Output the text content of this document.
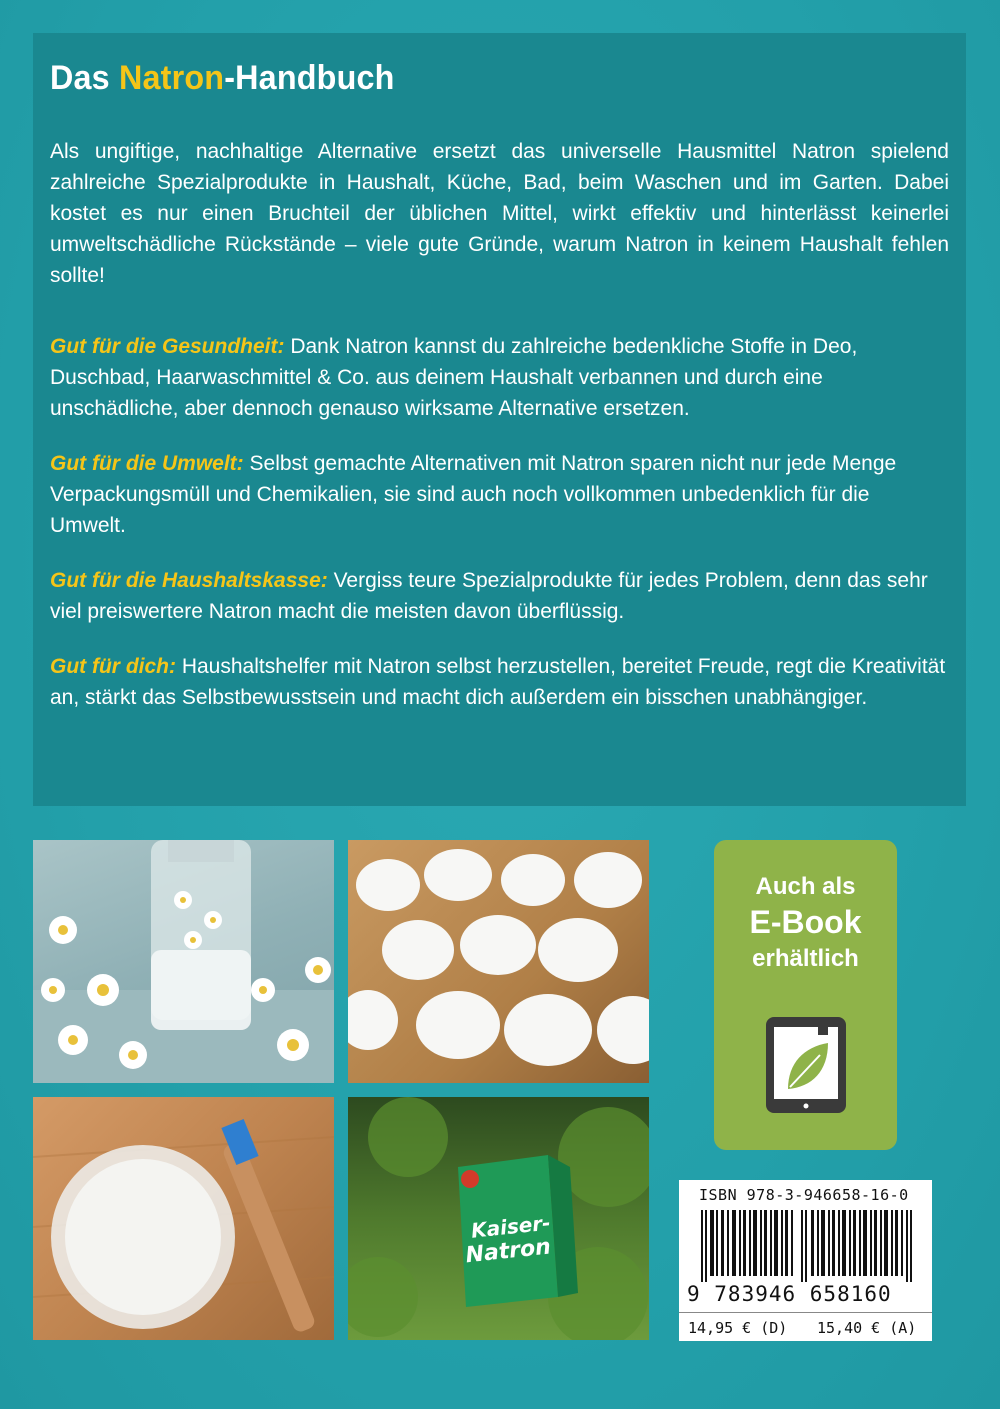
Das Natron-Handbuch

Als ungiftige, nachhaltige Alternative ersetzt das universelle Hausmittel Natron spielend zahlreiche Spezialprodukte in Haushalt, Küche, Bad, beim Waschen und im Garten. Dabei kostet es nur einen Bruchteil der üblichen Mittel, wirkt effektiv und hinterlässt keinerlei umweltschädliche Rückstände – viele gute Gründe, warum Natron in keinem Haushalt fehlen sollte!

Gut für die Gesundheit: Dank Natron kannst du zahlreiche bedenkliche Stoffe in Deo, Duschbad, Haarwaschmittel & Co. aus deinem Haushalt verbannen und durch eine unschädliche, aber dennoch genauso wirksame Alternative ersetzen.

Gut für die Umwelt: Selbst gemachte Alternativen mit Natron sparen nicht nur jede Menge Verpackungsmüll und Chemikalien, sie sind auch noch vollkommen unbedenklich für die Umwelt.

Gut für die Haushaltskasse: Vergiss teure Spezialprodukte für jedes Problem, denn das sehr viel preiswertere Natron macht die meisten davon überflüssig.

Gut für dich: Haushaltshelfer mit Natron selbst herzustellen, bereitet Freude, regt die Kreativität an, stärkt das Selbstbewusstsein und macht dich außerdem ein bisschen unabhängiger.

Kaiser-
Natron
Auch als
E-Book
erhältlich
ISBN 978-3-946658-16-0
9 783946 658160
14,95 € (D) 15,40 € (A)
